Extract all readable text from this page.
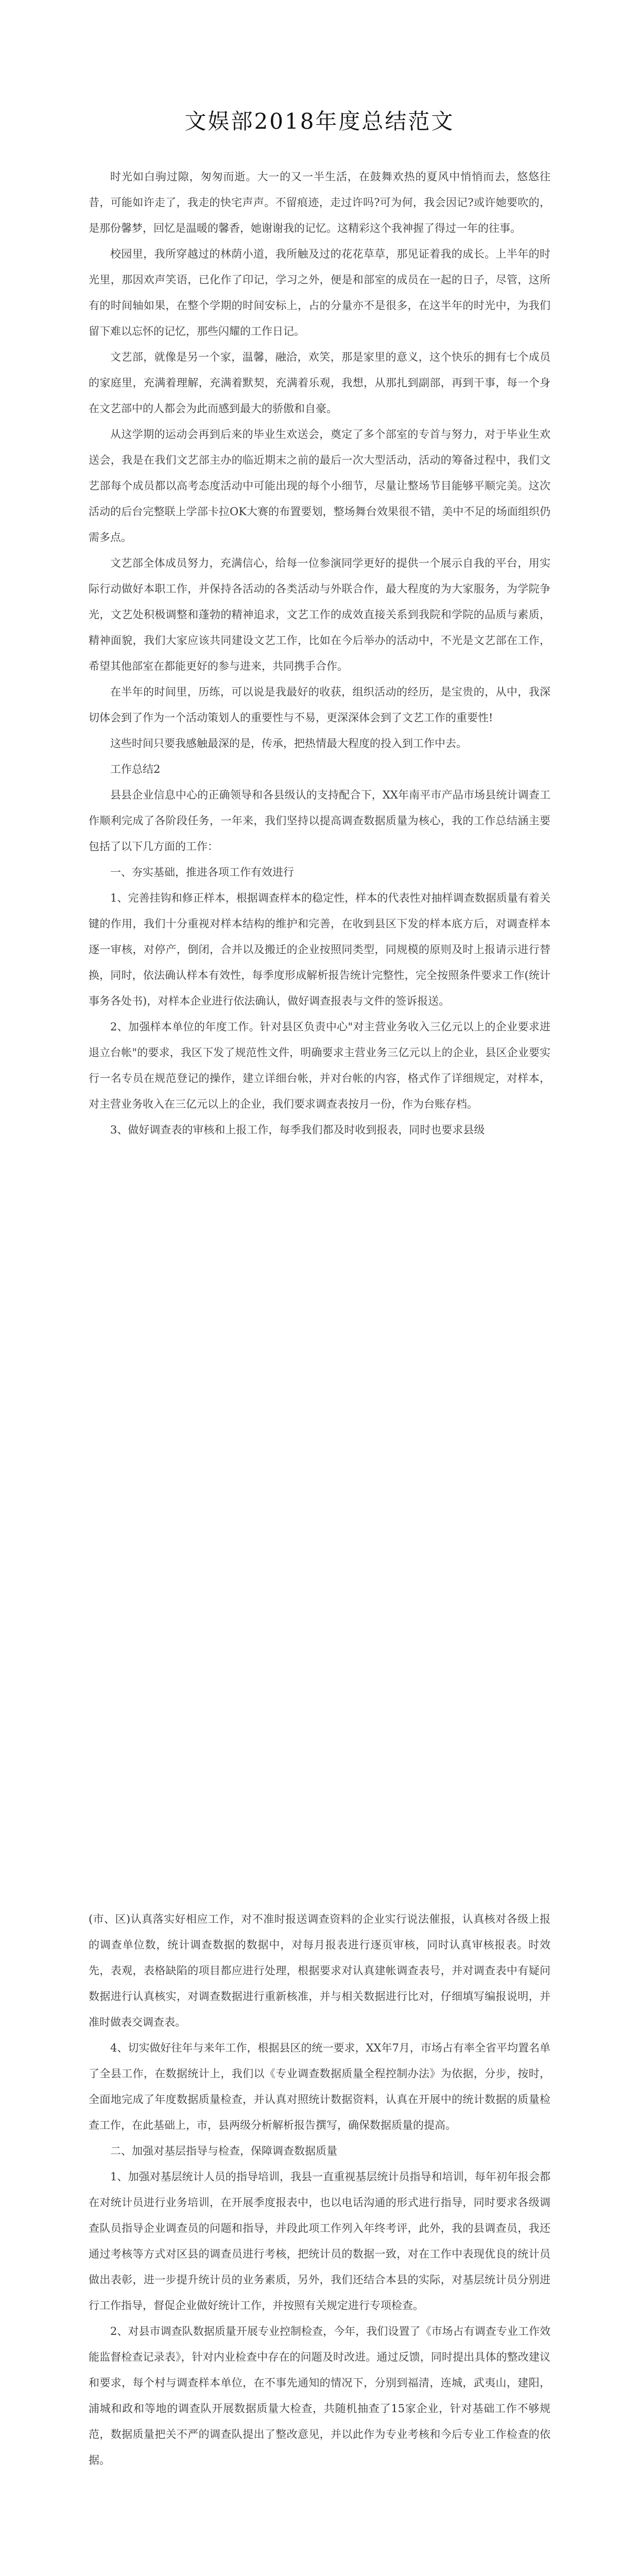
文娱部2018年度总结范文

时光如白驹过隙，匆匆而逝。大一的又一半生活，在鼓舞欢热的夏风中悄悄而去，悠悠往昔，可能如许走了，我走的快宅声声。不留痕迹，走过许吗?可为何，我会因记?或许她要吹的，是那份馨梦，回忆是温暖的馨香，她谢谢我的记忆。这精彩这个我神握了得过一年的往事。

校园里，我所穿越过的林荫小道，我所触及过的花花草草，那见证着我的成长。上半年的时光里，那因欢声笑语，已化作了印记，学习之外，便是和部室的成员在一起的日子，尽管，这所有的时间轴如果，在整个学期的时间安标上，占的分量亦不是很多，在这半年的时光中，为我们留下难以忘怀的记忆，那些闪耀的工作日记。

文艺部，就像是另一个家，温馨，融洽，欢笑，那是家里的意义，这个快乐的拥有七个成员的家庭里，充满着理解，充满着默契，充满着乐观，我想，从那扎到副部，再到干事，每一个身在文艺部中的人都会为此而感到最大的骄傲和自豪。

从这学期的运动会再到后来的毕业生欢送会，奠定了多个部室的专首与努力，对于毕业生欢送会，我是在我们文艺部主办的临近期末之前的最后一次大型活动，活动的筹备过程中，我们文艺部每个成员都以高考态度活动中可能出现的每个小细节，尽量让整场节目能够平顺完美。这次活动的后台完整联上学部卡拉OK大赛的布置要划，整场舞台效果很不错，美中不足的场面组织仍需多点。

文艺部全体成员努力，充满信心，给每一位参演同学更好的提供一个展示自我的平台，用实际行动做好本职工作，并保持各活动的各类活动与外联合作，最大程度的为大家服务，为学院争光，文艺处积极调整和蓬勃的精神追求，文艺工作的成效直接关系到我院和学院的品质与素质，精神面貌，我们大家应该共同建设文艺工作，比如在今后举办的活动中，不光是文艺部在工作，希望其他部室在都能更好的参与进来，共同携手合作。

在半年的时间里，历练，可以说是我最好的收获，组织活动的经历，是宝贵的，从中，我深切体会到了作为一个活动策划人的重要性与不易，更深深体会到了文艺工作的重要性!

这些时间只要我感触最深的是，传承，把热情最大程度的投入到工作中去。

工作总结2

县县企业信息中心的正确领导和各县级认的支持配合下，XX年南平市产品市场县统计调查工作顺利完成了各阶段任务，一年来，我们坚持以提高调查数据质量为核心，我的工作总结涵主要包括了以下几方面的工作：

一、夯实基础，推进各项工作有效进行

1、完善挂钩和修正样本，根据调查样本的稳定性，样本的代表性对抽样调查数据质量有着关键的作用，我们十分重视对样本结构的维护和完善，在收到县区下发的样本底方后，对调查样本逐一审核，对停产，倒闭，合并以及搬迁的企业按照同类型，同规模的原则及时上报请示进行替换，同时，依法确认样本有效性，每季度形成解析报告统计完整性，完全按照条件要求工作(统计事务各处书)，对样本企业进行依法确认，做好调查报表与文件的签诉报送。

2、加强样本单位的年度工作。针对县区负责中心"对主营业务收入三亿元以上的企业要求进退立台帐"的要求，我区下发了规范性文件，明确要求主营业务三亿元以上的企业，县区企业要实行一名专员在规范登记的操作，建立详细台帐，并对台帐的内容，格式作了详细规定，对样本，对主营业务收入在三亿元以上的企业，我们要求调查表按月一份，作为台账存档。

3、做好调查表的审核和上报工作，每季我们都及时收到报表，同时也要求县级

(市、区)认真落实好相应工作，对不准时报送调查资料的企业实行说法催报，认真核对各级上报的调查单位数，统计调查数据的数据中，对每月报表进行逐页审核，同时认真审核报表。时效先，表观，表格缺陷的项目都应进行处理，根据要求对认真建帐调查表号，并对调查表中有疑问数据进行认真核实，对调查数据进行重新核准，并与相关数据进行比对，仔细填写编报说明，并准时做表交调查表。

4、切实做好往年与来年工作，根据县区的统一要求，XX年7月，市场占有率全省平均置名单了全县工作，在数据统计上，我们以《专业调查数据质量全程控制办法》为依据，分步，按时，全面地完成了年度数据质量检查，并认真对照统计数据资料，认真在开展中的统计数据的质量检查工作，在此基础上，市，县两级分析解析报告撰写，确保数据质量的提高。

二、加强对基层指导与检查，保障调查数据质量

1、加强对基层统计人员的指导培训，我县一直重视基层统计员指导和培训，每年初年报会都在对统计员进行业务培训，在开展季度报表中，也以电话沟通的形式进行指导，同时要求各级调查队员指导企业调查员的问题和指导，并段此项工作列入年终考评，此外，我的县调查员，我还通过考核等方式对区县的调查员进行考核，把统计员的数据一致，对在工作中表现优良的统计员做出表彰，进一步提升统计员的业务素质，另外，我们还结合本县的实际，对基层统计员分别进行工作指导，督促企业做好统计工作，并按照有关规定进行专项检查。

2、对县市调查队数据质量开展专业控制检查，今年，我们设置了《市场占有调查专业工作效能监督检查记录表》，针对内业检查中存在的问题及时改进。通过反馈，同时提出具体的整改建议和要求，每个村与调查样本单位，在不事先通知的情况下，分别到福清，连城，武夷山，建阳，浦城和政和等地的调查队开展数据质量大检查，共随机抽查了15家企业，针对基础工作不够规范，数据质量把关不严的调查队提出了整改意见，并以此作为专业考核和今后专业工作检查的依据。
